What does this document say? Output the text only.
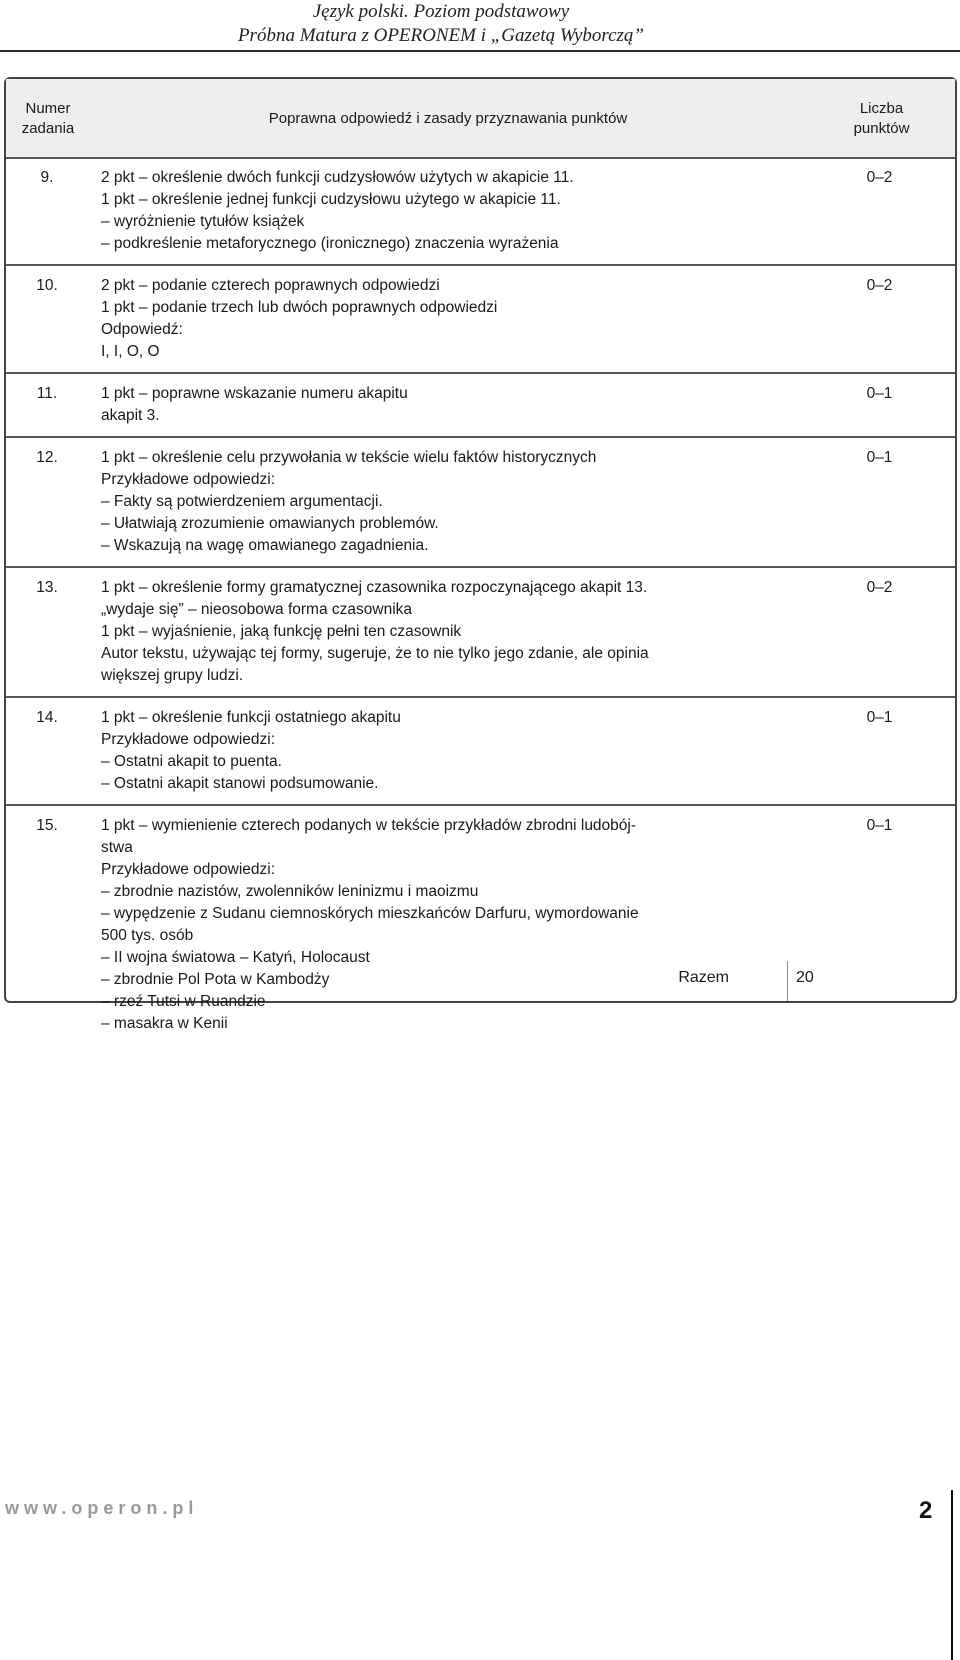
Język polski. Poziom podstawowy
Próbna Matura z OPERONEM i „Gazetą Wyborczą”
Numer zadania
Poprawna odpowiedź i zasady przyznawania punktów
Liczba punktów
9.	2 pkt – określenie dwóch funkcji cudzysłowów użytych w akapicie 11.
1 pkt – określenie jednej funkcji cudzysłowu użytego w akapicie 11.
– wyróżnienie tytułów książek
– podkreślenie metaforycznego (ironicznego) znaczenia wyrażenia
0–2
10.	2 pkt – podanie czterech poprawnych odpowiedzi
1 pkt – podanie trzech lub dwóch poprawnych odpowiedzi
Odpowiedź:
I, I, O, O
0–2
11.	1 pkt – poprawne wskazanie numeru akapitu
akapit 3.
0–1
12.	1 pkt – określenie celu przywołania w tekście wielu faktów historycznych
Przykładowe odpowiedzi:
– Fakty są potwierdzeniem argumentacji.
– Ułatwiają zrozumienie omawianych problemów.
– Wskazują na wagę omawianego zagadnienia.
0–1
13.	1 pkt – określenie formy gramatycznej czasownika rozpoczynającego akapit 13.
„wydaje się” – nieosobowa forma czasownika
1 pkt – wyjaśnienie, jaką funkcję pełni ten czasownik
Autor tekstu, używając tej formy, sugeruje, że to nie tylko jego zdanie, ale opinia
większej grupy ludzi.
0–2
14.	1 pkt – określenie funkcji ostatniego akapitu
Przykładowe odpowiedzi:
– Ostatni akapit to puenta.
– Ostatni akapit stanowi podsumowanie.
0–1
15.	1 pkt – wymienienie czterech podanych w tekście przykładów zbrodni ludobój-
stwa
Przykładowe odpowiedzi:
– zbrodnie nazistów, zwolenników leninizmu i maoizmu
– wypędzenie z Sudanu ciemnoskórych mieszkańców Darfuru, wymordowanie
500 tys. osób
– II wojna światowa – Katyń, Holocaust
– zbrodnie Pol Pota w Kambodży
– rzeź Tutsi w Ruandzie
– masakra w Kenii
0–1
Razem	20
www.operon.pl	2
